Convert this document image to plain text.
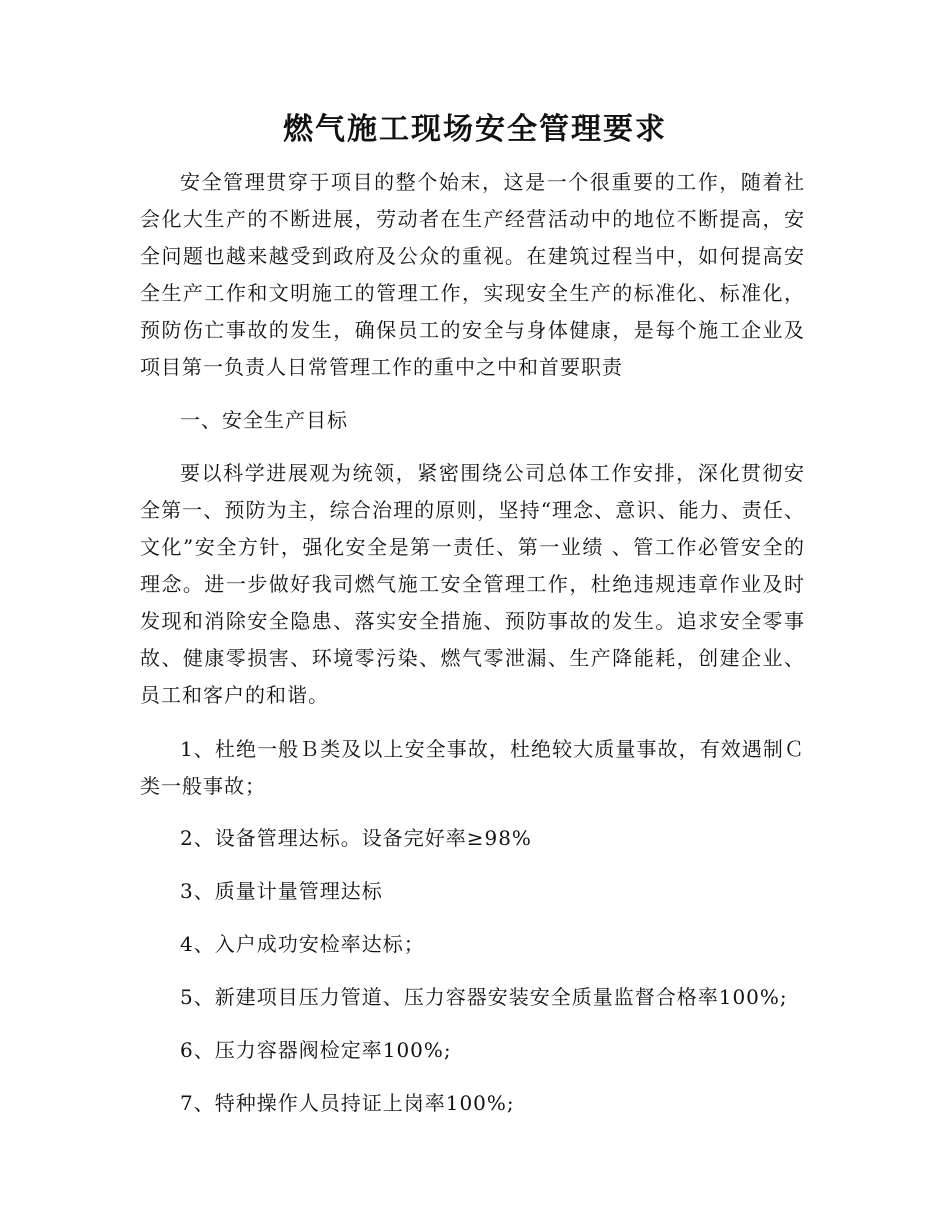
燃气施工现场安全管理要求

安全管理贯穿于项目的整个始末，这是一个很重要的工作，随着社会化大生产的不断进展，劳动者在生产经营活动中的地位不断提高，安全问题也越来越受到政府及公众的重视。在建筑过程当中，如何提高安全生产工作和文明施工的管理工作，实现安全生产的标准化、标准化，预防伤亡事故的发生，确保员工的安全与身体健康，是每个施工企业及项目第一负责人日常管理工作的重中之中和首要职责

一、安全生产目标

要以科学进展观为统领，紧密围绕公司总体工作安排，深化贯彻安全第一、预防为主，综合治理的原则，坚持“理念、意识、能力、责任、文化”安全方针，强化安全是第一责任、第一业绩 、管工作必管安全的理念。进一步做好我司燃气施工安全管理工作，杜绝违规违章作业及时发现和消除安全隐患、落实安全措施、预防事故的发生。追求安全零事故、健康零损害、环境零污染、燃气零泄漏、生产降能耗，创建企业、员工和客户的和谐。

1、杜绝一般Ｂ类及以上安全事故，杜绝较大质量事故，有效遇制Ｃ类一般事故；

2、设备管理达标。设备完好率≥98%

3、质量计量管理达标

4、入户成功安检率达标；

5、新建项目压力管道、压力容器安装安全质量监督合格率100%;

6、压力容器阀检定率100%;

7、特种操作人员持证上岗率100%;
